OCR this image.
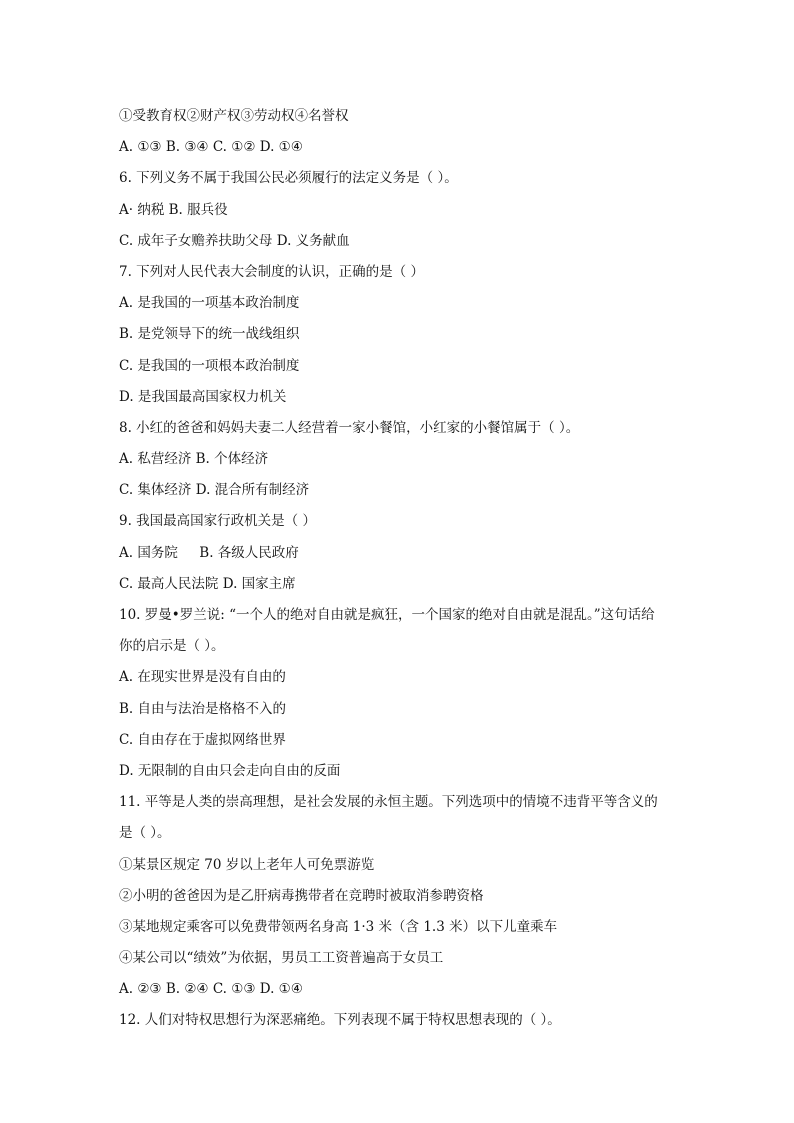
①受教育权②财产权③劳动权④名誉权
A. ①③ B. ③④ C. ①② D. ①④
6. 下列义务不属于我国公民必须履行的法定义务是（ ）。
A· 纳税 B. 服兵役
C. 成年子女赡养扶助父母 D. 义务献血
7. 下列对人民代表大会制度的认识，正确的是（ ）
A. 是我国的一项基本政治制度
B. 是党领导下的统一战线组织
C. 是我国的一项根本政治制度
D. 是我国最高国家权力机关
8. 小红的爸爸和妈妈夫妻二人经营着一家小餐馆，小红家的小餐馆属于（ ）。
A. 私营经济 B. 个体经济
C. 集体经济 D. 混合所有制经济
9. 我国最高国家行政机关是（ ）
A. 国务院     B. 各级人民政府
C. 最高人民法院 D. 国家主席
10. 罗曼•罗兰说: “一个人的绝对自由就是疯狂，一个国家的绝对自由就是混乱。”这句话给
你的启示是（ ）。
A. 在现实世界是没有自由的
B. 自由与法治是格格不入的
C. 自由存在于虚拟网络世界
D. 无限制的自由只会走向自由的反面
11. 平等是人类的崇高理想，是社会发展的永恒主题。下列选项中的情境不违背平等含义的
是（ ）。
①某景区规定 70 岁以上老年人可免票游览
②小明的爸爸因为是乙肝病毒携带者在竞聘时被取消参聘资格
③某地规定乘客可以免费带领两名身高 1·3 米（含 1.3 米）以下儿童乘车
④某公司以“绩效”为依据，男员工工资普遍高于女员工
A. ②③ B. ②④ C. ①③ D. ①④
12. 人们对特权思想行为深恶痛绝。下列表现不属于特权思想表现的（ ）。
